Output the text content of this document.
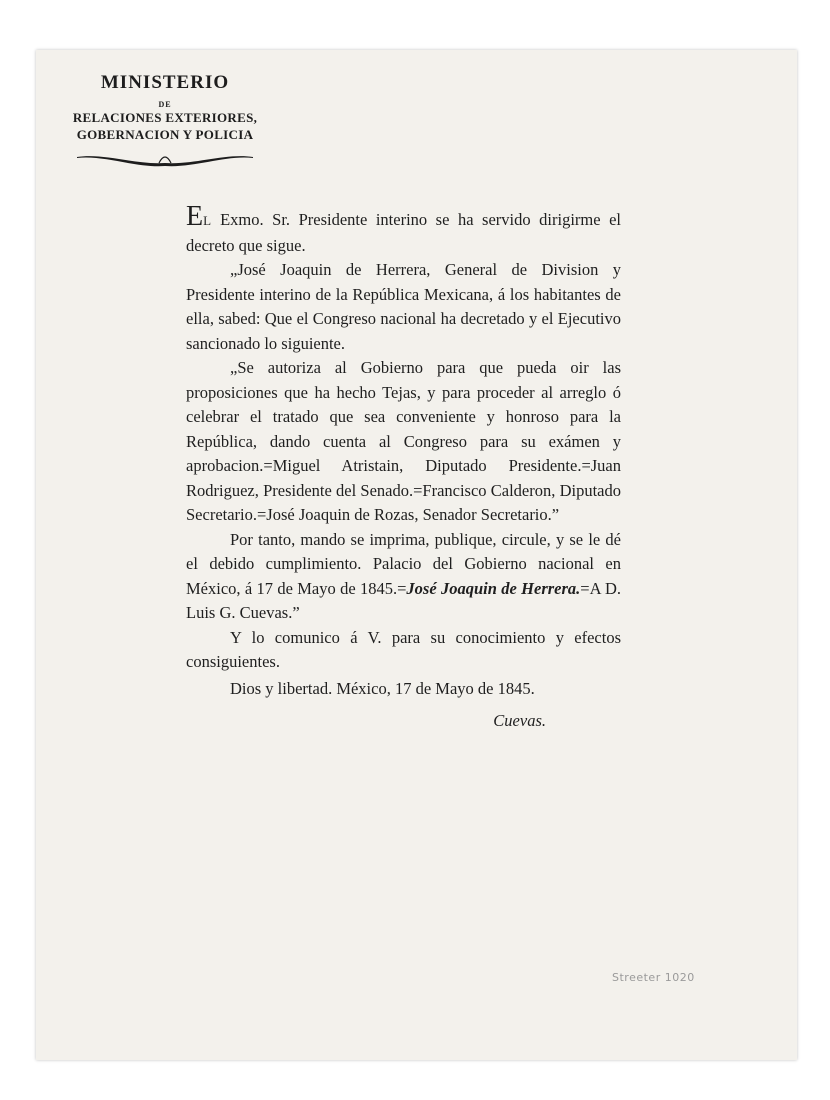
MINISTERIO
DE
RELACIONES EXTERIORES,
GOBERNACION Y POLICIA

EL Exmo. Sr. Presidente interino se ha servido dirigirme el decreto que sigue.

„José Joaquin de Herrera, General de Division y Presidente interino de la República Mexicana, á los habitantes de ella, sabed: Que el Congreso nacional ha decretado y el Ejecutivo sancionado lo siguiente.

„Se autoriza al Gobierno para que pueda oir las proposiciones que ha hecho Tejas, y para proceder al arreglo ó celebrar el tratado que sea conveniente y honroso para la República, dando cuenta al Congreso para su exámen y aprobacion.=Miguel Atristain, Diputado Presidente.=Juan Rodriguez, Presidente del Senado.=Francisco Calderon, Diputado Secretario.=José Joaquin de Rozas, Senador Secretario.”

Por tanto, mando se imprima, publique, circule, y se le dé el debido cumplimiento. Palacio del Gobierno nacional en México, á 17 de Mayo de 1845.=José Joaquin de Herrera.=A D. Luis G. Cuevas.”

Y lo comunico á V. para su conocimiento y efectos consiguientes.

Dios y libertad. México, 17 de Mayo de 1845.

Cuevas.

Streeter 1020
